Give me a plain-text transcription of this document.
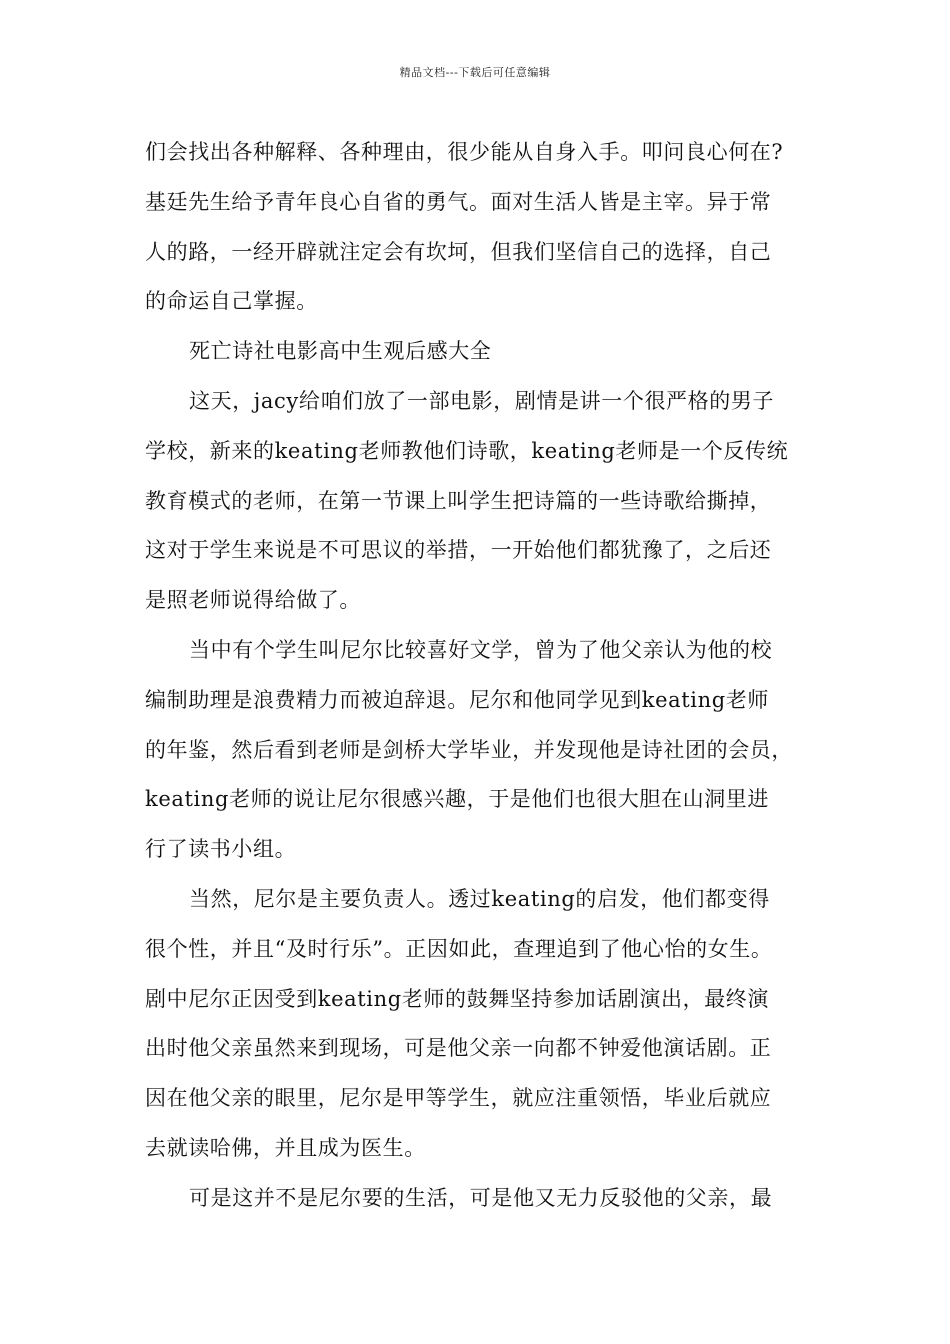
精品文档---下载后可任意编辑

们会找出各种解释、各种理由，很少能从自身入手。叩问良心何在?

基廷先生给予青年良心自省的勇气。面对生活人皆是主宰。异于常

人的路，一经开辟就注定会有坎坷，但我们坚信自己的选择，自己

的命运自己掌握。

死亡诗社电影高中生观后感大全

这天，jacy给咱们放了一部电影，剧情是讲一个很严格的男子

学校，新来的keating老师教他们诗歌，keating老师是一个反传统

教育模式的老师，在第一节课上叫学生把诗篇的一些诗歌给撕掉，

这对于学生来说是不可思议的举措，一开始他们都犹豫了，之后还

是照老师说得给做了。

当中有个学生叫尼尔比较喜好文学，曾为了他父亲认为他的校

编制助理是浪费精力而被迫辞退。尼尔和他同学见到keating老师

的年鉴，然后看到老师是剑桥大学毕业，并发现他是诗社团的会员，

keating老师的说让尼尔很感兴趣，于是他们也很大胆在山洞里进

行了读书小组。

当然，尼尔是主要负责人。透过keating的启发，他们都变得

很个性，并且“及时行乐”。正因如此，查理追到了他心怡的女生。

剧中尼尔正因受到keating老师的鼓舞坚持参加话剧演出，最终演

出时他父亲虽然来到现场，可是他父亲一向都不钟爱他演话剧。正

因在他父亲的眼里，尼尔是甲等学生，就应注重领悟，毕业后就应

去就读哈佛，并且成为医生。

可是这并不是尼尔要的生活，可是他又无力反驳他的父亲，最
